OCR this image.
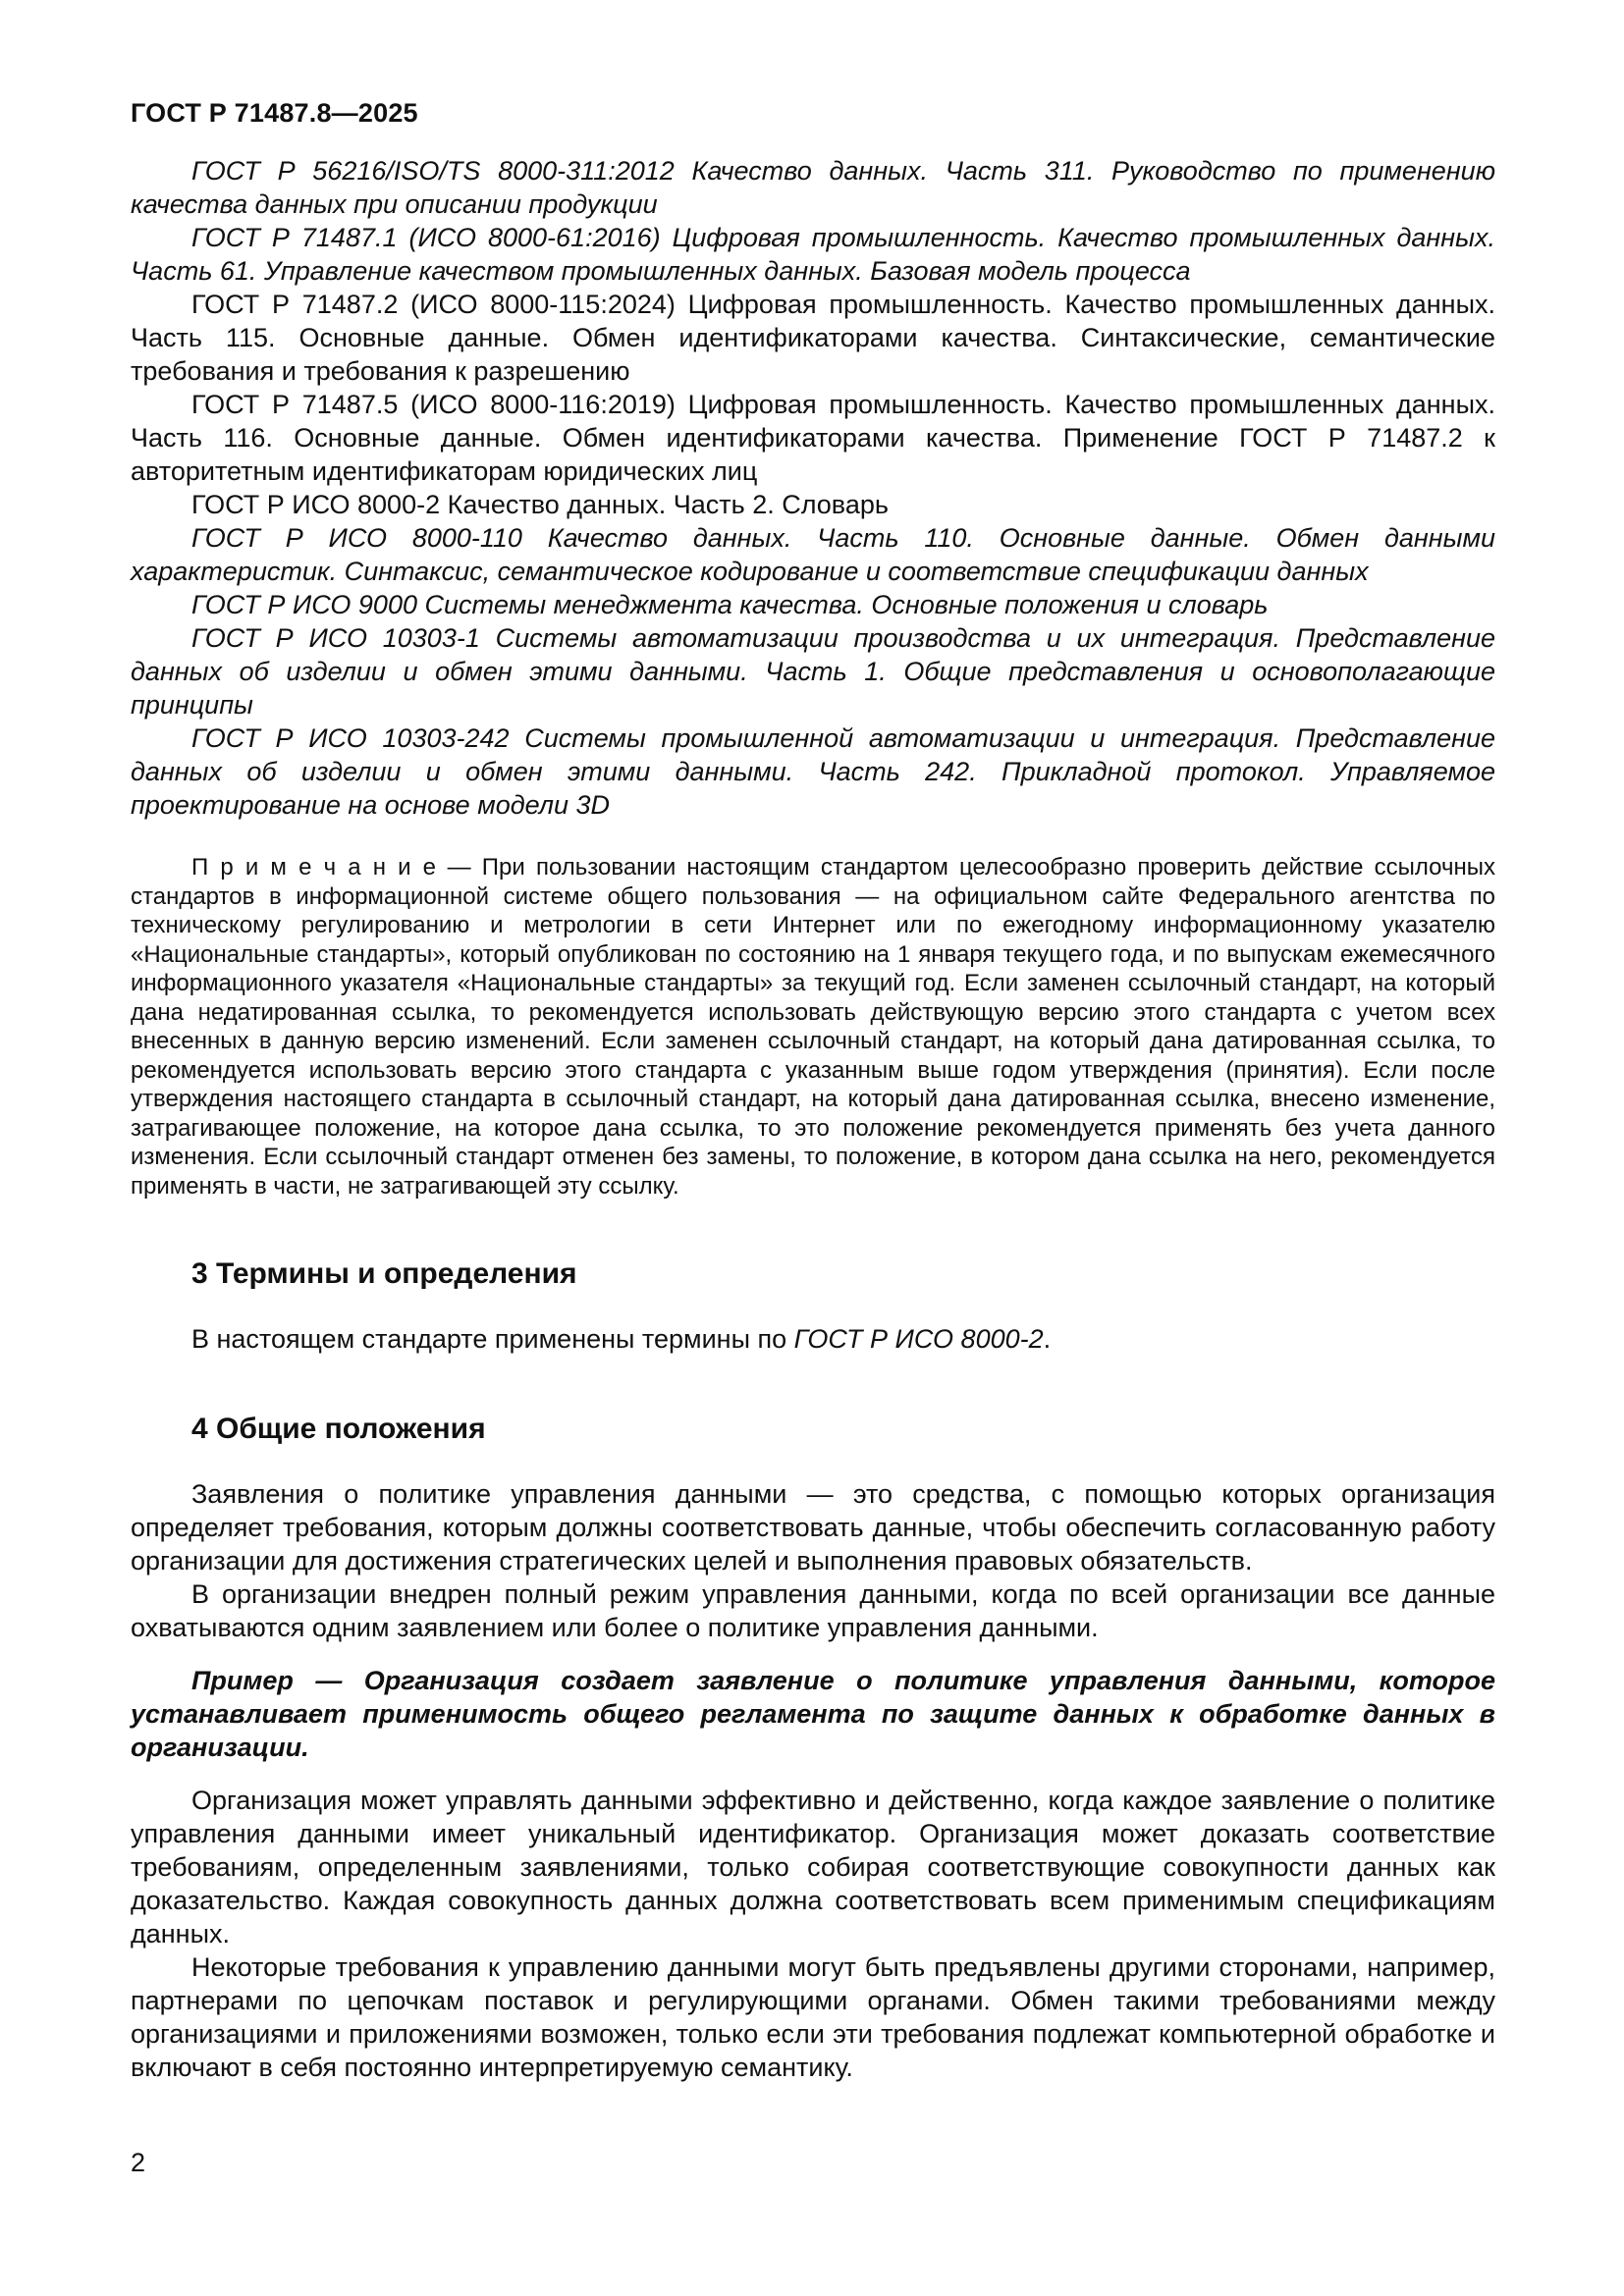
ГОСТ Р 71487.8—2025

ГОСТ Р 56216/ISO/TS 8000-311:2012 Качество данных. Часть 311. Руководство по применению качества данных при описании продукции

ГОСТ Р 71487.1 (ИСО 8000-61:2016) Цифровая промышленность. Качество промышленных данных. Часть 61. Управление качеством промышленных данных. Базовая модель процесса

ГОСТ Р 71487.2 (ИСО 8000-115:2024) Цифровая промышленность. Качество промышленных данных. Часть 115. Основные данные. Обмен идентификаторами качества. Синтаксические, семантические требования и требования к разрешению

ГОСТ Р 71487.5 (ИСО 8000-116:2019) Цифровая промышленность. Качество промышленных данных. Часть 116. Основные данные. Обмен идентификаторами качества. Применение ГОСТ Р 71487.2 к авторитетным идентификаторам юридических лиц

ГОСТ Р ИСО 8000-2 Качество данных. Часть 2. Словарь

ГОСТ Р ИСО 8000-110 Качество данных. Часть 110. Основные данные. Обмен данными характеристик. Синтаксис, семантическое кодирование и соответствие спецификации данных

ГОСТ Р ИСО 9000 Системы менеджмента качества. Основные положения и словарь

ГОСТ Р ИСО 10303-1 Системы автоматизации производства и их интеграция. Представление данных об изделии и обмен этими данными. Часть 1. Общие представления и основополагающие принципы

ГОСТ Р ИСО 10303-242 Системы промышленной автоматизации и интеграция. Представление данных об изделии и обмен этими данными. Часть 242. Прикладной протокол. Управляемое проектирование на основе модели 3D

П р и м е ч а н и е — При пользовании настоящим стандартом целесообразно проверить действие ссылочных стандартов в информационной системе общего пользования — на официальном сайте Федерального агентства по техническому регулированию и метрологии в сети Интернет или по ежегодному информационному указателю «Национальные стандарты», который опубликован по состоянию на 1 января текущего года, и по выпускам ежемесячного информационного указателя «Национальные стандарты» за текущий год. Если заменен ссылочный стандарт, на который дана недатированная ссылка, то рекомендуется использовать действующую версию этого стандарта с учетом всех внесенных в данную версию изменений. Если заменен ссылочный стандарт, на который дана датированная ссылка, то рекомендуется использовать версию этого стандарта с указанным выше годом утверждения (принятия). Если после утверждения настоящего стандарта в ссылочный стандарт, на который дана датированная ссылка, внесено изменение, затрагивающее положение, на которое дана ссылка, то это положение рекомендуется применять без учета данного изменения. Если ссылочный стандарт отменен без замены, то положение, в котором дана ссылка на него, рекомендуется применять в части, не затрагивающей эту ссылку.

3 Термины и определения

В настоящем стандарте применены термины по ГОСТ Р ИСО 8000-2.

4 Общие положения

Заявления о политике управления данными — это средства, с помощью которых организация определяет требования, которым должны соответствовать данные, чтобы обеспечить согласованную работу организации для достижения стратегических целей и выполнения правовых обязательств.

В организации внедрен полный режим управления данными, когда по всей организации все данные охватываются одним заявлением или более о политике управления данными.

Пример — Организация создает заявление о политике управления данными, которое устанавливает применимость общего регламента по защите данных к обработке данных в организации.

Организация может управлять данными эффективно и действенно, когда каждое заявление о политике управления данными имеет уникальный идентификатор. Организация может доказать соответствие требованиям, определенным заявлениями, только собирая соответствующие совокупности данных как доказательство. Каждая совокупность данных должна соответствовать всем применимым спецификациям данных.

Некоторые требования к управлению данными могут быть предъявлены другими сторонами, например, партнерами по цепочкам поставок и регулирующими органами. Обмен такими требованиями между организациями и приложениями возможен, только если эти требования подлежат компьютерной обработке и включают в себя постоянно интерпретируемую семантику.

2
